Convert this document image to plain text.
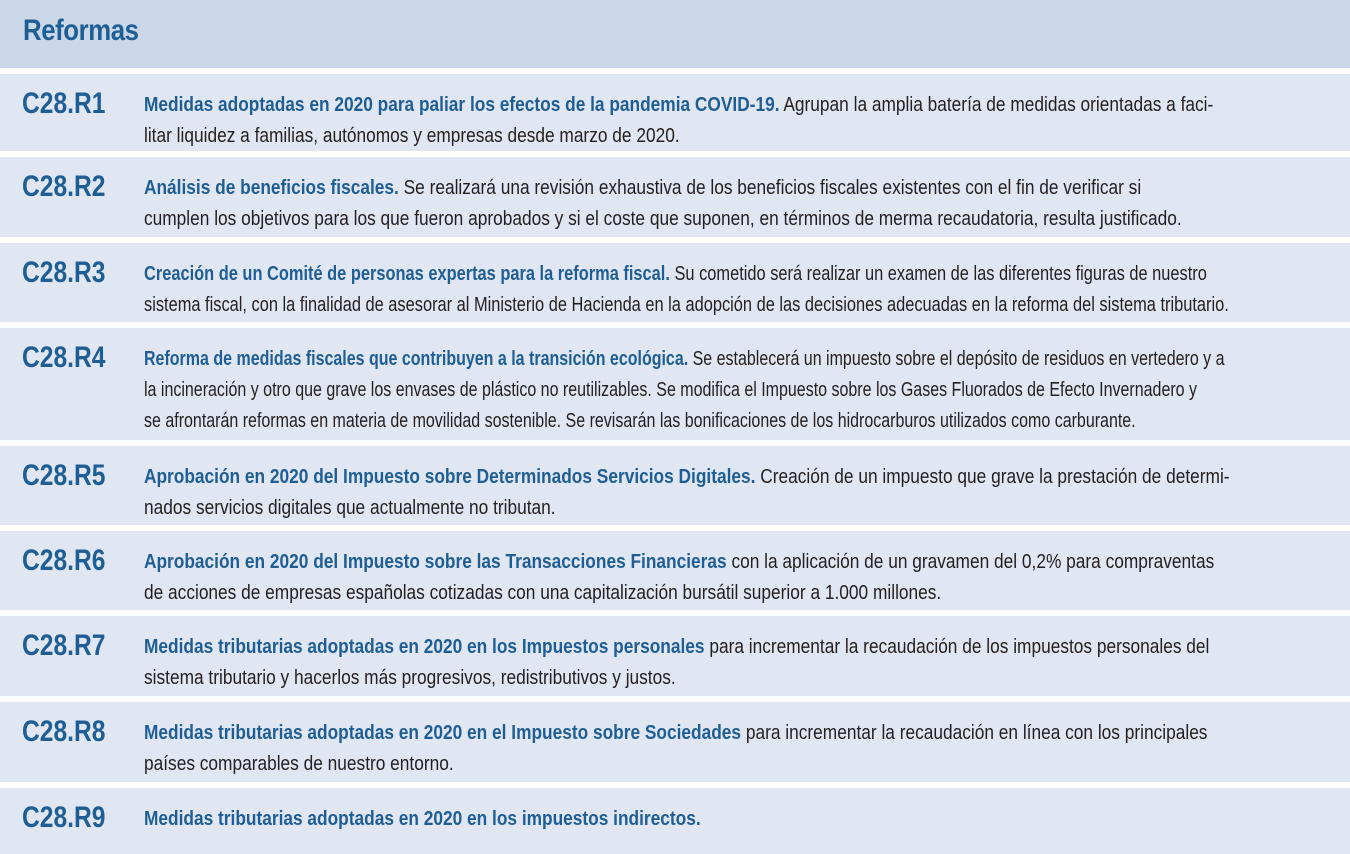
Reformas
C28.R1 Medidas adoptadas en 2020 para paliar los efectos de la pandemia COVID-19. Agrupan la amplia batería de medidas orientadas a faci-
litar liquidez a familias, autónomos y empresas desde marzo de 2020.
C28.R2 Análisis de beneficios fiscales. Se realizará una revisión exhaustiva de los beneficios fiscales existentes con el fin de verificar si
cumplen los objetivos para los que fueron aprobados y si el coste que suponen, en términos de merma recaudatoria, resulta justificado.
C28.R3 Creación de un Comité de personas expertas para la reforma fiscal. Su cometido será realizar un examen de las diferentes figuras de nuestro
sistema fiscal, con la finalidad de asesorar al Ministerio de Hacienda en la adopción de las decisiones adecuadas en la reforma del sistema tributario.
C28.R4 Reforma de medidas fiscales que contribuyen a la transición ecológica. Se establecerá un impuesto sobre el depósito de residuos en vertedero y a
la incineración y otro que grave los envases de plástico no reutilizables. Se modifica el Impuesto sobre los Gases Fluorados de Efecto Invernadero y
se afrontarán reformas en materia de movilidad sostenible. Se revisarán las bonificaciones de los hidrocarburos utilizados como carburante.
C28.R5 Aprobación en 2020 del Impuesto sobre Determinados Servicios Digitales. Creación de un impuesto que grave la prestación de determi-
nados servicios digitales que actualmente no tributan.
C28.R6 Aprobación en 2020 del Impuesto sobre las Transacciones Financieras con la aplicación de un gravamen del 0,2% para compraventas
de acciones de empresas españolas cotizadas con una capitalización bursátil superior a 1.000 millones.
C28.R7 Medidas tributarias adoptadas en 2020 en los Impuestos personales para incrementar la recaudación de los impuestos personales del
sistema tributario y hacerlos más progresivos, redistributivos y justos.
C28.R8 Medidas tributarias adoptadas en 2020 en el Impuesto sobre Sociedades para incrementar la recaudación en línea con los principales
países comparables de nuestro entorno.
C28.R9 Medidas tributarias adoptadas en 2020 en los impuestos indirectos.
